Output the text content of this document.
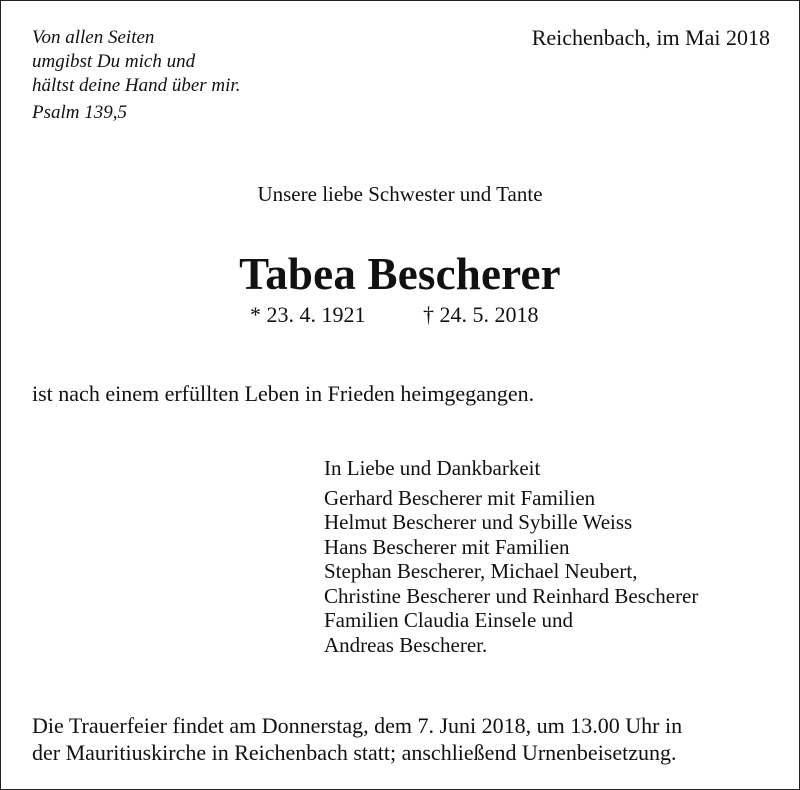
Von allen Seiten
umgibst Du mich und
hältst deine Hand über mir.
Psalm 139,5
Reichenbach, im Mai 2018
Unsere liebe Schwester und Tante
Tabea Bescherer
* 23. 4. 1921	† 24. 5. 2018
ist nach einem erfüllten Leben in Frieden heimgegangen.
In Liebe und Dankbarkeit
Gerhard Bescherer mit Familien
Helmut Bescherer und Sybille Weiss
Hans Bescherer mit Familien
Stephan Bescherer, Michael Neubert,
Christine Bescherer und Reinhard Bescherer
Familien Claudia Einsele und
Andreas Bescherer.
Die Trauerfeier findet am Donnerstag, dem 7. Juni 2018, um 13.00 Uhr in
der Mauritiuskirche in Reichenbach statt; anschließend Urnenbeisetzung.
